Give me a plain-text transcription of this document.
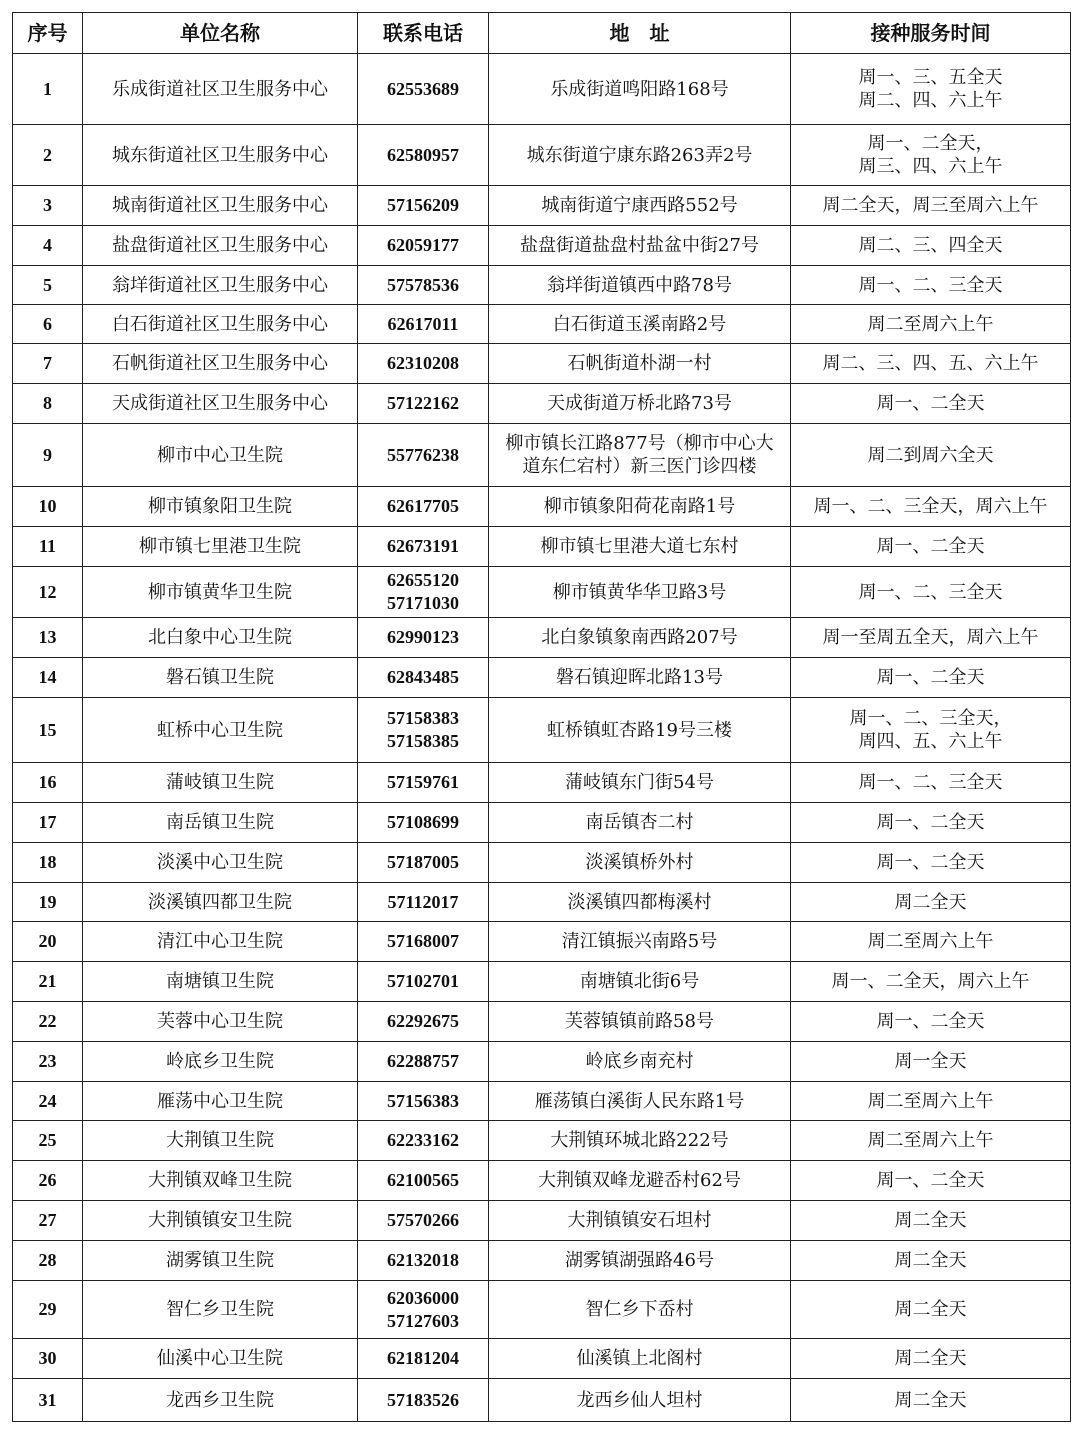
序号	单位名称	联系电话	地　址	接种服务时间
1	乐成街道社区卫生服务中心	62553689	乐成街道鸣阳路168号	周一、三、五全天
周二、四、六上午
2	城东街道社区卫生服务中心	62580957	城东街道宁康东路263弄2号	周一、二全天，
周三、四、六上午
3	城南街道社区卫生服务中心	57156209	城南街道宁康西路552号	周二全天，周三至周六上午
4	盐盘街道社区卫生服务中心	62059177	盐盘街道盐盘村盐盆中街27号	周二、三、四全天
5	翁垟街道社区卫生服务中心	57578536	翁垟街道镇西中路78号	周一、二、三全天
6	白石街道社区卫生服务中心	62617011	白石街道玉溪南路2号	周二至周六上午
7	石帆街道社区卫生服务中心	62310208	石帆街道朴湖一村	周二、三、四、五、六上午
8	天成街道社区卫生服务中心	57122162	天成街道万桥北路73号	周一、二全天
9	柳市中心卫生院	55776238	柳市镇长江路877号（柳市中心大
道东仁宕村）新三医门诊四楼	周二到周六全天
10	柳市镇象阳卫生院	62617705	柳市镇象阳荷花南路1号	周一、二、三全天，周六上午
11	柳市镇七里港卫生院	62673191	柳市镇七里港大道七东村	周一、二全天
12	柳市镇黄华卫生院	62655120
57171030	柳市镇黄华华卫路3号	周一、二、三全天
13	北白象中心卫生院	62990123	北白象镇象南西路207号	周一至周五全天，周六上午
14	磐石镇卫生院	62843485	磐石镇迎晖北路13号	周一、二全天
15	虹桥中心卫生院	57158383
57158385	虹桥镇虹杏路19号三楼	周一、二、三全天，
周四、五、六上午
16	蒲岐镇卫生院	57159761	蒲岐镇东门街54号	周一、二、三全天
17	南岳镇卫生院	57108699	南岳镇杏二村	周一、二全天
18	淡溪中心卫生院	57187005	淡溪镇桥外村	周一、二全天
19	淡溪镇四都卫生院	57112017	淡溪镇四都梅溪村	周二全天
20	清江中心卫生院	57168007	清江镇振兴南路5号	周二至周六上午
21	南塘镇卫生院	57102701	南塘镇北街6号	周一、二全天，周六上午
22	芙蓉中心卫生院	62292675	芙蓉镇镇前路58号	周一、二全天
23	岭底乡卫生院	62288757	岭底乡南充村	周一全天
24	雁荡中心卫生院	57156383	雁荡镇白溪街人民东路1号	周二至周六上午
25	大荆镇卫生院	62233162	大荆镇环城北路222号	周二至周六上午
26	大荆镇双峰卫生院	62100565	大荆镇双峰龙避岙村62号	周一、二全天
27	大荆镇镇安卫生院	57570266	大荆镇镇安石坦村	周二全天
28	湖雾镇卫生院	62132018	湖雾镇湖强路46号	周二全天
29	智仁乡卫生院	62036000
57127603	智仁乡下岙村	周二全天
30	仙溪中心卫生院	62181204	仙溪镇上北阁村	周二全天
31	龙西乡卫生院	57183526	龙西乡仙人坦村	周二全天
